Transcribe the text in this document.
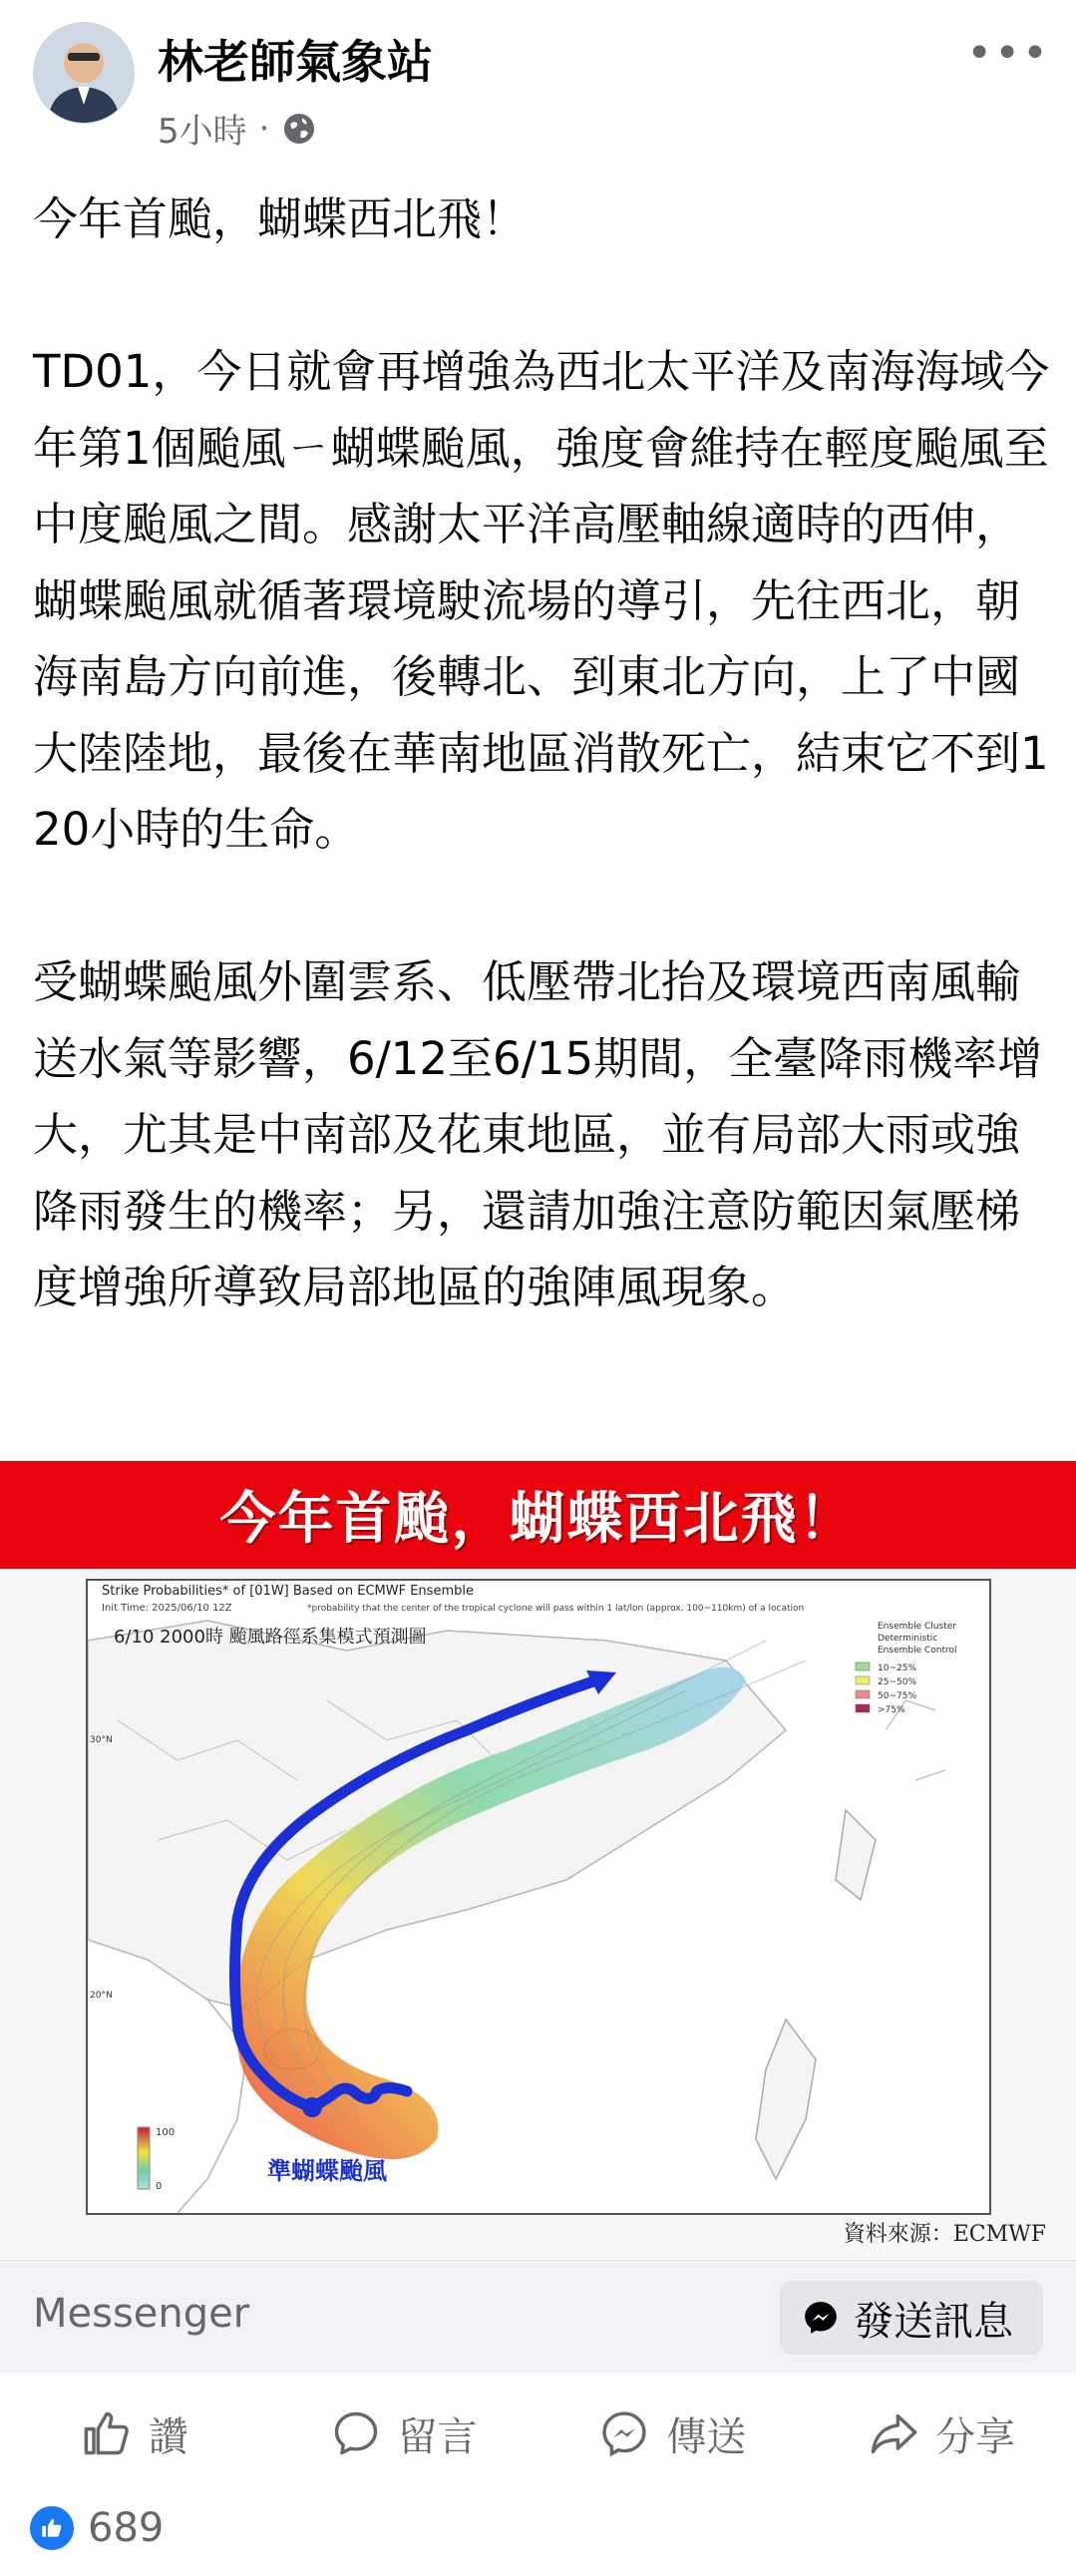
林老師氣象站
5小時 ·
•••
今年首颱，蝴蝶西北飛！

TD01，今日就會再增強為西北太平洋及南海海域今年第1個颱風ㄧ蝴蝶颱風，強度會維持在輕度颱風至中度颱風之間。感謝太平洋高壓軸線適時的西伸，蝴蝶颱風就循著環境駛流場的導引，先往西北，朝海南島方向前進，後轉北、到東北方向，上了中國大陸陸地，最後在華南地區消散死亡，結束它不到120小時的生命。

受蝴蝶颱風外圍雲系、低壓帶北抬及環境西南風輸送水氣等影響，6/12至6/15期間，全臺降雨機率增大，尤其是中南部及花東地區，並有局部大雨或強降雨發生的機率；另，還請加強注意防範因氣壓梯度增強所導致局部地區的強陣風現象。
今年首颱，蝴蝶西北飛！
Strike Probabilities* of [01W] Based on ECMWF Ensemble
Init Time: 2025/06/10 12Z	*probability that the center of the tropical cyclone will pass within 1 lat/lon (approx. 100~110km) of a location
6/10 2000時 颱風路徑系集模式預測圖	Ensemble Cluster
Deterministic
Ensemble Control
10~25%
25~50%
50~75%
>75%
30°N
20°N
100
0
準蝴蝶颱風
資料來源：ECMWF
Messenger	發送訊息
讚	留言	傳送	分享
689
